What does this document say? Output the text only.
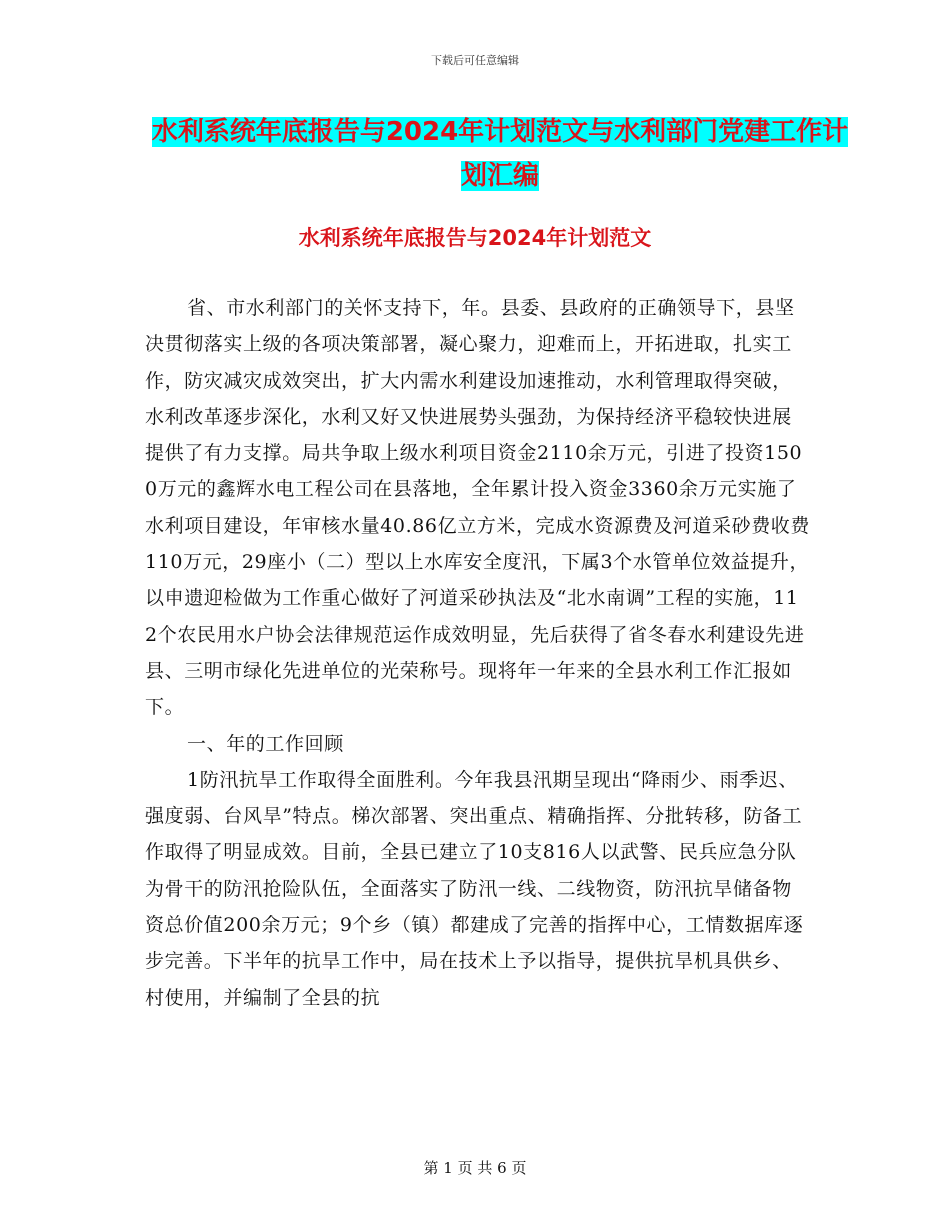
下载后可任意编辑
水利系统年底报告与2024年计划范文与水利部门党建工作计划汇编
水利系统年底报告与2024年计划范文

省、市水利部门的关怀支持下，年。县委、县政府的正确领导下，县坚决贯彻落实上级的各项决策部署，凝心聚力，迎难而上，开拓进取，扎实工作，防灾减灾成效突出，扩大内需水利建设加速推动，水利管理取得突破，水利改革逐步深化，水利又好又快进展势头强劲，为保持经济平稳较快进展提供了有力支撑。局共争取上级水利项目资金2110余万元，引进了投资1500万元的鑫辉水电工程公司在县落地，全年累计投入资金3360余万元实施了水利项目建设，年审核水量40.86亿立方米，完成水资源费及河道采砂费收费110万元，29座小（二）型以上水库安全度汛，下属3个水管单位效益提升，以申遗迎检做为工作重心做好了河道采砂执法及“北水南调”工程的实施，112个农民用水户协会法律规范运作成效明显，先后获得了省冬春水利建设先进县、三明市绿化先进单位的光荣称号。现将年一年来的全县水利工作汇报如下。

一、年的工作回顾

1防汛抗旱工作取得全面胜利。今年我县汛期呈现出“降雨少、雨季迟、强度弱、台风旱”特点。梯次部署、突出重点、精确指挥、分批转移，防备工作取得了明显成效。目前，全县已建立了10支816人以武警、民兵应急分队为骨干的防汛抢险队伍，全面落实了防汛一线、二线物资，防汛抗旱储备物资总价值200余万元；9个乡（镇）都建成了完善的指挥中心，工情数据库逐步完善。下半年的抗旱工作中，局在技术上予以指导，提供抗旱机具供乡、村使用，并编制了全县的抗

第 1 页 共 6 页
